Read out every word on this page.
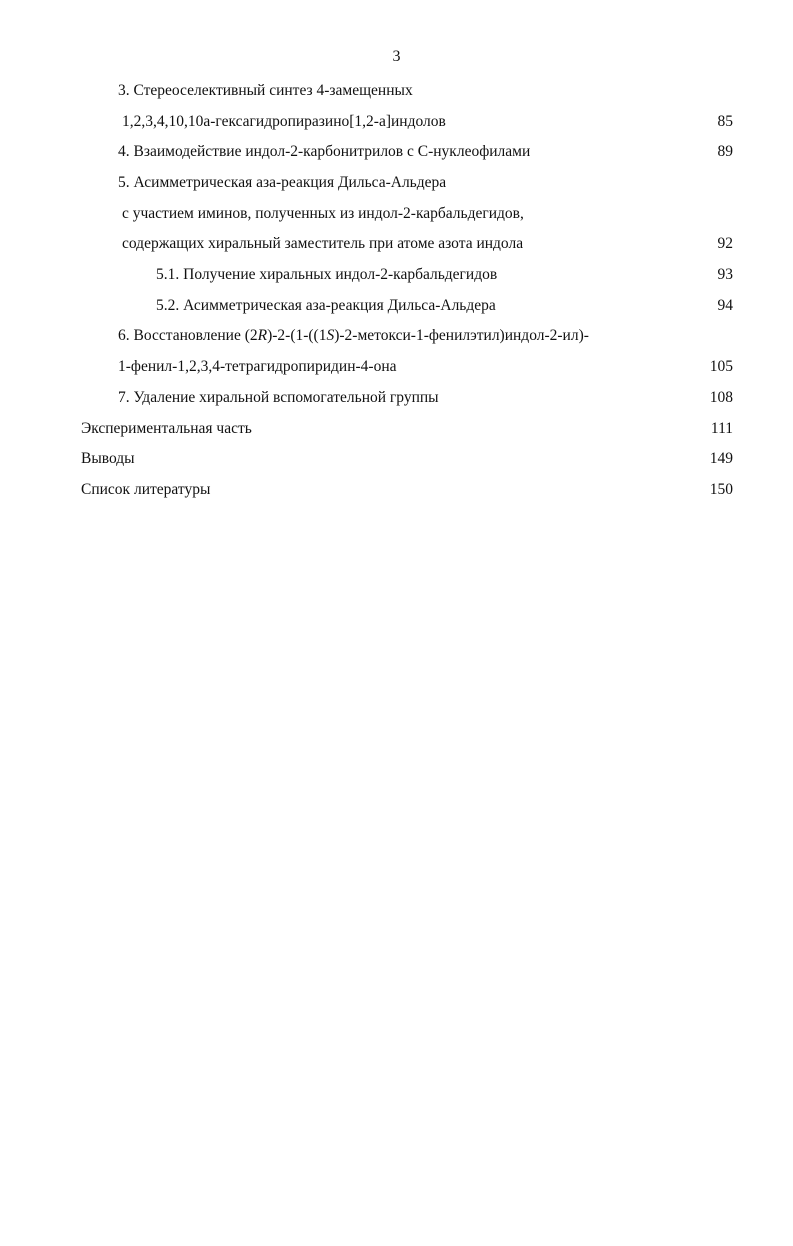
3
3. Стереоселективный синтез 4-замещенных
1,2,3,4,10,10а-гексагидропиразино[1,2-a]индолов	85
4. Взаимодействие индол-2-карбонитрилов с С-нуклеофилами	89
5. Асимметрическая аза-реакция Дильса-Альдера
с участием иминов, полученных из индол-2-карбальдегидов,
содержащих хиральный заместитель при атоме азота индола	92
5.1. Получение хиральных индол-2-карбальдегидов	93
5.2. Асимметрическая аза-реакция Дильса-Альдера	94
6. Восстановление (2R)-2-(1-((1S)-2-метокси-1-фенилэтил)индол-2-ил)-
1-фенил-1,2,3,4-тетрагидропиридин-4-она	105
7. Удаление хиральной вспомогательной группы	108
Экспериментальная часть	111
Выводы	149
Список литературы	150
